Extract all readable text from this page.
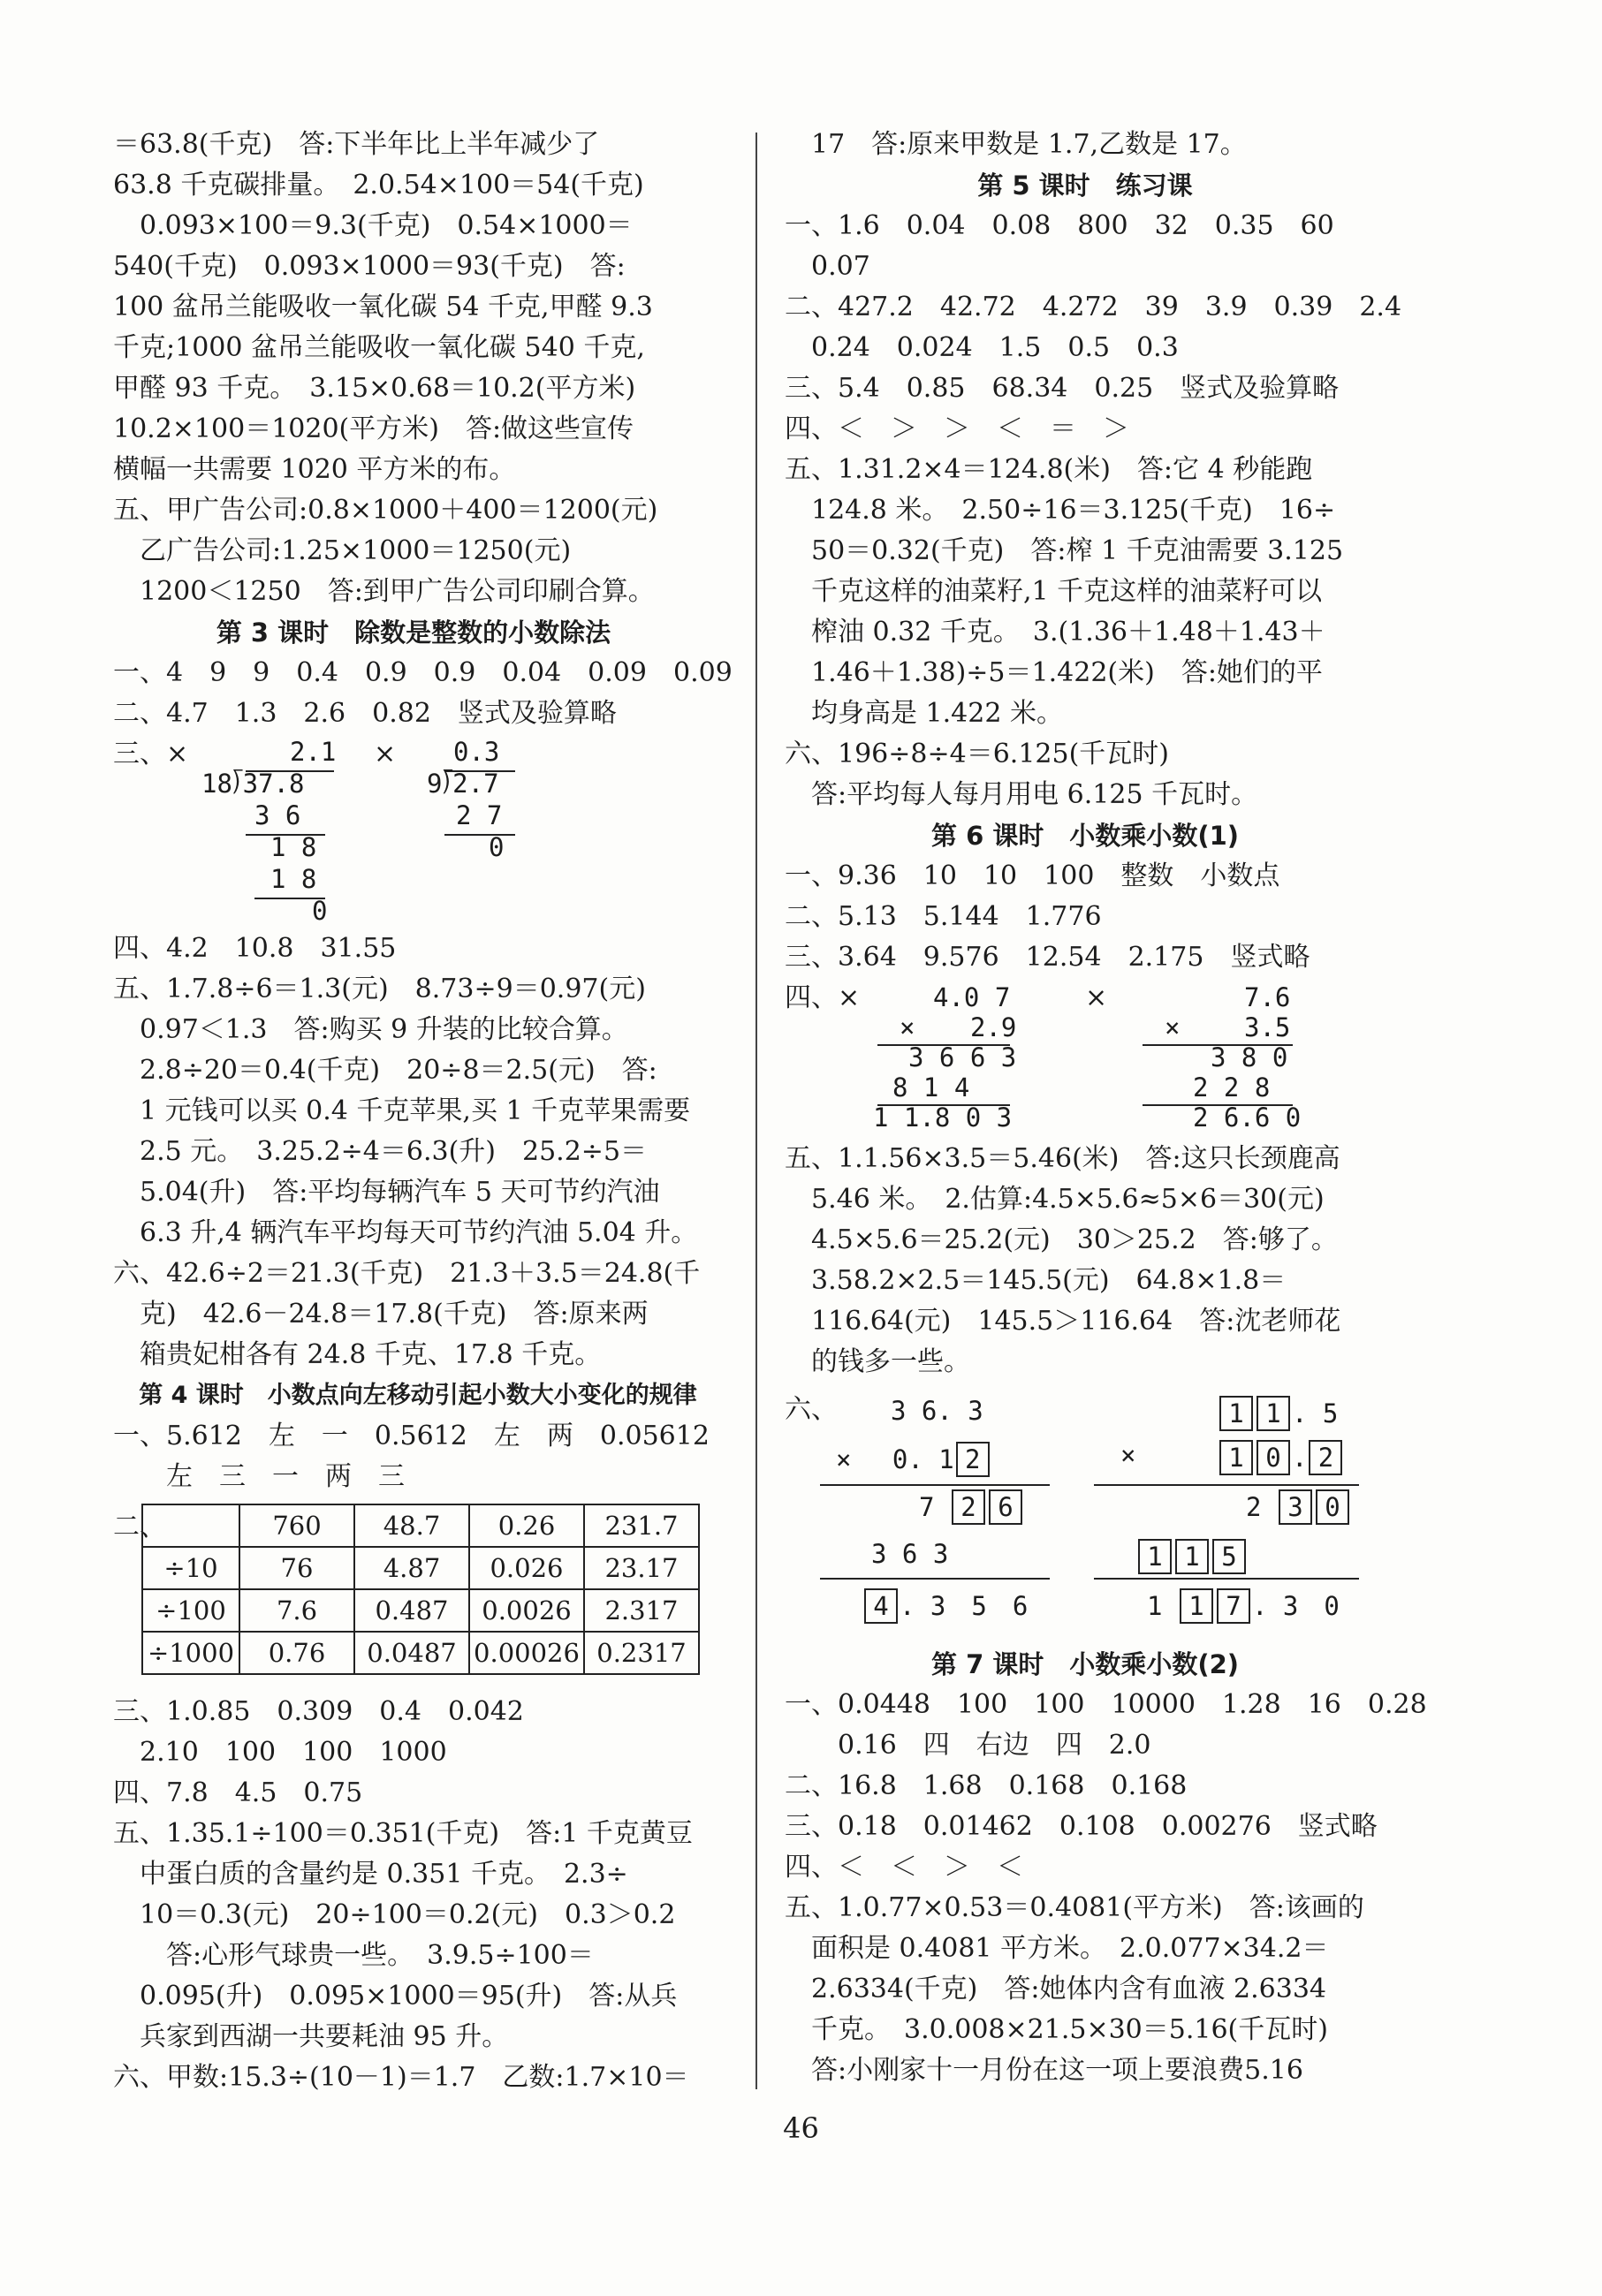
＝63.8(千克)　答:下半年比上半年减少了
63.8 千克碳排量。　2.0.54×100＝54(千克)
　0.093×100＝9.3(千克)　0.54×1000＝
540(千克)　0.093×1000＝93(千克)　答:
100 盆吊兰能吸收一氧化碳 54 千克,甲醛 9.3
千克;1000 盆吊兰能吸收一氧化碳 540 千克,
甲醛 93 千克。　3.15×0.68＝10.2(平方米)
10.2×100＝1020(平方米)　答:做这些宣传
横幅一共需要 1020 平方米的布。
五、甲广告公司:0.8×1000＋400＝1200(元)
　乙广告公司:1.25×1000＝1250(元)
　1200＜1250　答:到甲广告公司印刷合算。
第 3 课时　除数是整数的小数除法
一、4　9　9　0.4　0.9　0.9　0.04　0.09　0.09
二、4.7　1.3　2.6　0.82　竖式及验算略
三、×	×
2.1
18⟌37.8
3 6
1 8
1 8
0
0.3
9⟌2.7
2 7
0
四、4.2　10.8　31.55
五、1.7.8÷6＝1.3(元)　8.73÷9＝0.97(元)
　0.97＜1.3　答:购买 9 升装的比较合算。
　2.8÷20＝0.4(千克)　20÷8＝2.5(元)　答:
　1 元钱可以买 0.4 千克苹果,买 1 千克苹果需要
　2.5 元。　3.25.2÷4＝6.3(升)　25.2÷5＝
　5.04(升)　答:平均每辆汽车 5 天可节约汽油
　6.3 升,4 辆汽车平均每天可节约汽油 5.04 升。
六、42.6÷2＝21.3(千克)　21.3＋3.5＝24.8(千
　克)　42.6－24.8＝17.8(千克)　答:原来两
　箱贵妃柑各有 24.8 千克、17.8 千克。
第 4 课时　小数点向左移动引起小数大小变化的规律
一、5.612　左　一　0.5612　左　两　0.05612
　　左　三　一　两　三
二、
		760	48.7	0.26	231.7
÷10	76	4.87	0.026	23.17
÷100	7.6	0.487	0.0026	2.317
÷1000	0.76	0.0487	0.00026	0.2317
三、1.0.85　0.309　0.4　0.042
　2.10　100　100　1000
四、7.8　4.5　0.75
五、1.35.1÷100＝0.351(千克)　答:1 千克黄豆
　中蛋白质的含量约是 0.351 千克。　2.3÷
　10＝0.3(元)　20÷100＝0.2(元)　0.3＞0.2
　　答:心形气球贵一些。　3.9.5÷100＝
　0.095(升)　0.095×1000＝95(升)　答:从兵
　兵家到西湖一共要耗油 95 升。
六、甲数:15.3÷(10－1)＝1.7　乙数:1.7×10＝
　17　答:原来甲数是 1.7,乙数是 17。
第 5 课时　练习课
一、1.6　0.04　0.08　800　32　0.35　60
　0.07
二、427.2　42.72　4.272　39　3.9　0.39　2.4
　0.24　0.024　1.5　0.5　0.3
三、5.4　0.85　68.34　0.25　竖式及验算略
四、＜　＞　＞　＜　＝　＞
五、1.31.2×4＝124.8(米)　答:它 4 秒能跑
　124.8 米。　2.50÷16＝3.125(千克)　16÷
　50＝0.32(千克)　答:榨 1 千克油需要 3.125
　千克这样的油菜籽,1 千克这样的油菜籽可以
　榨油 0.32 千克。　3.(1.36＋1.48＋1.43＋
　1.46＋1.38)÷5＝1.422(米)　答:她们的平
　均身高是 1.422 米。
六、196÷8÷4＝6.125(千瓦时)
　答:平均每人每月用电 6.125 千瓦时。
第 6 课时　小数乘小数(1)
一、9.36　10　10　100　整数　小数点
二、5.13　5.144　1.776
三、3.64　9.576　12.54　2.175　竖式略
四、×	×
4.0 7
× 2.9
3 6 6 3
8 1 4
1 1.8 0 3
7.6
×	3.5
3 8 0
2 2 8
2 6.6 0
五、1.1.56×3.5＝5.46(米)　答:这只长颈鹿高
　5.46 米。　2.估算:4.5×5.6≈5×6＝30(元)
　4.5×5.6＝25.2(元)　30＞25.2　答:够了。
　3.58.2×2.5＝145.5(元)　64.8×1.8＝
　116.64(元)　145.5＞116.64　答:沈老师花
　的钱多一些。
六、 3 6. 3
× 　0. 1 2
7 2 6
3 6 3
4 . 3　5　6
1 1 . 5
×	1 0 . 2
2 3 0
1 1 5
1 1 7 . 3　0
第 7 课时　小数乘小数(2)
一、0.0448　100　100　10000　1.28　16　0.28
　　0.16　四　右边　四　2.0
二、16.8　1.68　0.168　0.168
三、0.18　0.01462　0.108　0.00276　竖式略
四、＜　＜　＞　＜
五、1.0.77×0.53＝0.4081(平方米)　答:该画的
　面积是 0.4081 平方米。　2.0.077×34.2＝
　2.6334(千克)　答:她体内含有血液 2.6334
　千克。　3.0.008×21.5×30＝5.16(千瓦时)
　答:小刚家十一月份在这一项上要浪费5.16
46
